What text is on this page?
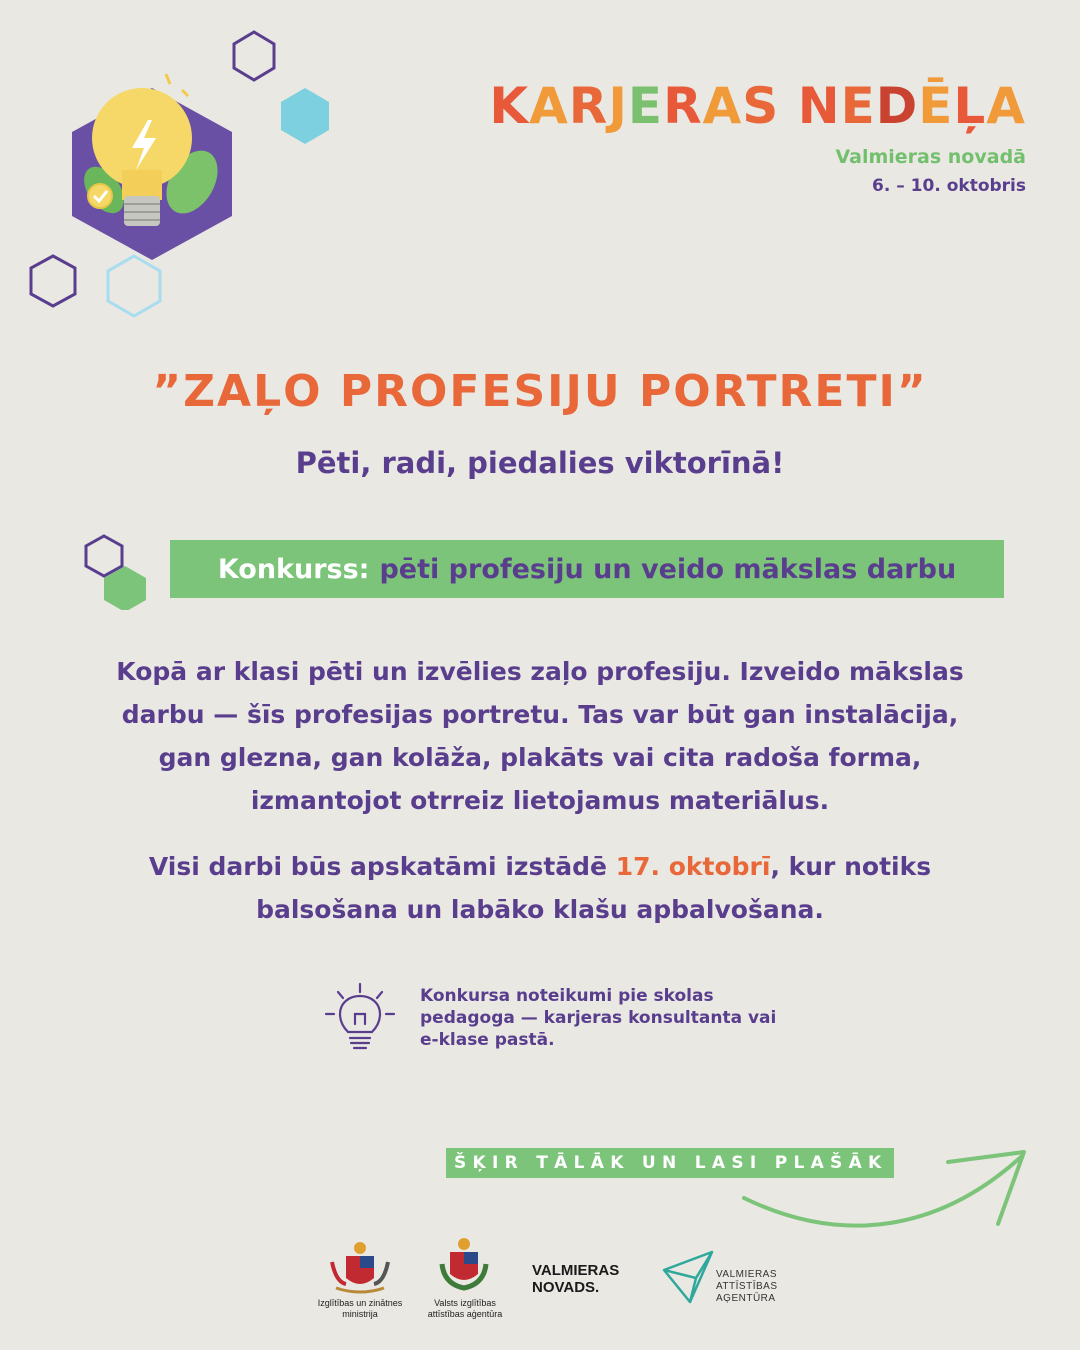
KARJERAS NEDĒĻA
Valmieras novadā
6. – 10. oktobris
”ZAĻO PROFESIJU PORTRETI”
Pēti, radi, piedalies viktorīnā!
Konkurss: pēti profesiju un veido mākslas darbu
Kopā ar klasi pēti un izvēlies zaļo profesiju. Izveido mākslas darbu — šīs profesijas portretu. Tas var būt gan instalācija, gan glezna, gan kolāža, plakāts vai cita radoša forma, izmantojot otrreiz lietojamus materiālus.
Visi darbi būs apskatāmi izstādē 17. oktobrī, kur notiks balsošana un labāko klašu apbalvošana.
Konkursa noteikumi pie skolas pedagoga — karjeras konsultanta vai e-klase pastā.
ŠĶIR TĀLĀK UN LASI PLAŠĀK
Izglītības un zinātnes
ministrija
Valsts izglītības
attīstības aģentūra
VALMIERAS
NOVADS.
VALMIERAS
ATTĪSTĪBAS
AĢENTŪRA
